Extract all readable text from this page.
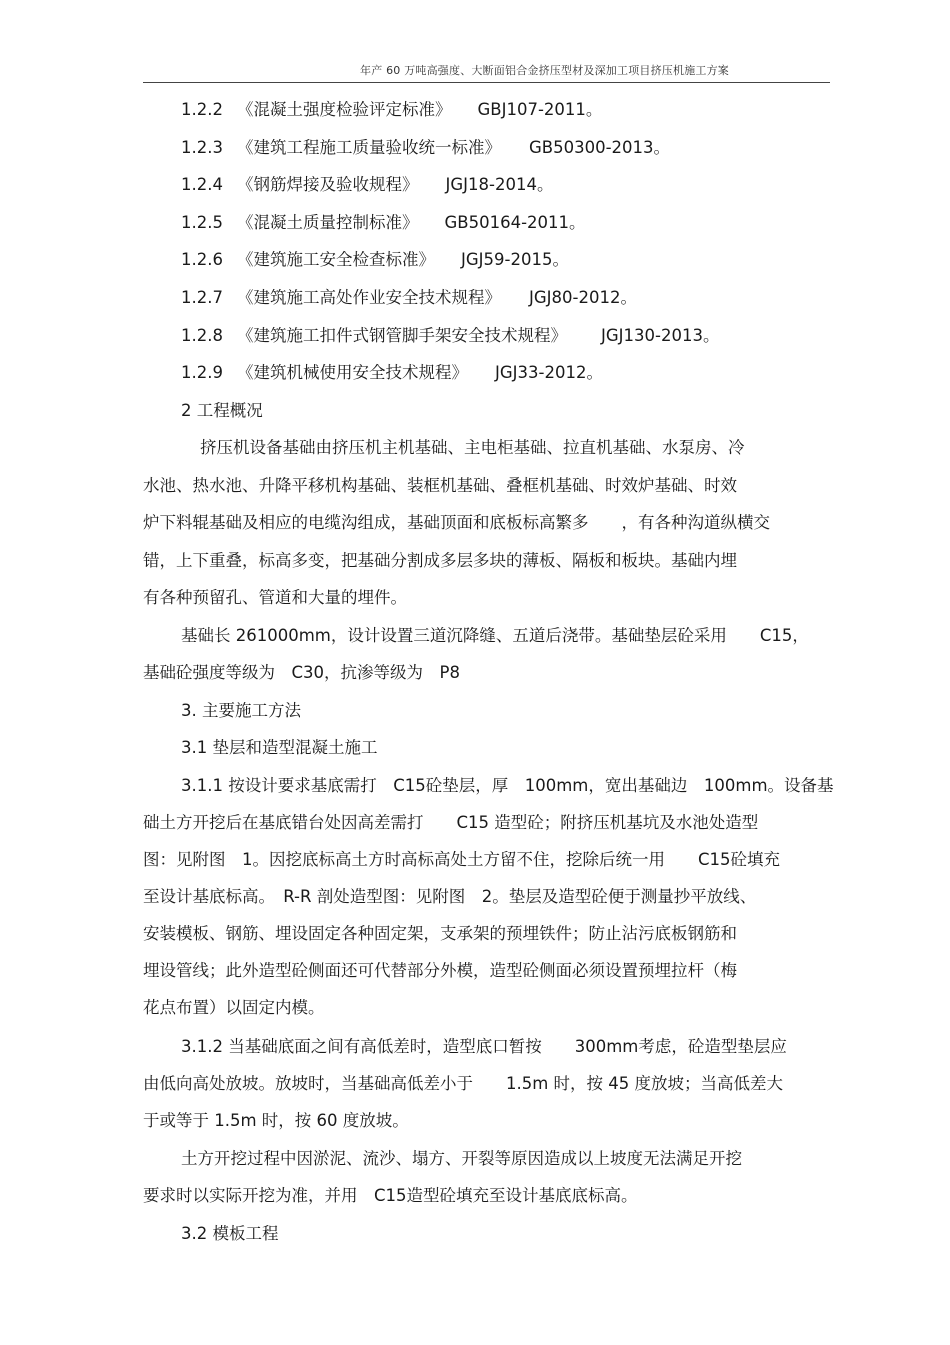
年产 60 万吨高强度、大断面铝合金挤压型材及深加工项目挤压机施工方案
1.2.2 《混凝土强度检验评定标准》 GBJ107-2011。
1.2.3 《建筑工程施工质量验收统一标准》 GB50300-2013。
1.2.4 《钢筋焊接及验收规程》 JGJ18-2014。
1.2.5 《混凝土质量控制标准》 GB50164-2011。
1.2.6 《建筑施工安全检查标准》 JGJ59-2015。
1.2.7 《建筑施工高处作业安全技术规程》 JGJ80-2012。
1.2.8 《建筑施工扣件式钢管脚手架安全技术规程》 JGJ130-2013。
1.2.9 《建筑机械使用安全技术规程》 JGJ33-2012。
2 工程概况
挤压机设备基础由挤压机主机基础、主电柜基础、拉直机基础、水泵房、冷
水池、热水池、升降平移机构基础、装框机基础、叠框机基础、时效炉基础、时效
炉下料辊基础及相应的电缆沟组成，基础顶面和底板标高繁多　　，有各种沟道纵横交
错，上下重叠，标高多变，把基础分割成多层多块的薄板、隔板和板块。基础内埋
有各种预留孔、管道和大量的埋件。
基础长 261000mm，设计设置三道沉降缝、五道后浇带。基础垫层砼采用　　C15，
基础砼强度等级为　C30，抗渗等级为　P8
3. 主要施工方法
3.1 垫层和造型混凝土施工
3.1.1 按设计要求基底需打　C15砼垫层，厚　100mm，宽出基础边　100mm。设备基
础土方开挖后在基底错台处因高差需打　　C15 造型砼；附挤压机基坑及水池处造型
图：见附图　1。因挖底标高土方时高标高处土方留不住，挖除后统一用　　C15砼填充
至设计基底标高。　R-R 剖处造型图：见附图　2。垫层及造型砼便于测量抄平放线、
安装模板、钢筋、埋设固定各种固定架，支承架的预埋铁件；防止沾污底板钢筋和
埋设管线；此外造型砼侧面还可代替部分外模，造型砼侧面必须设置预埋拉杆（梅
花点布置）以固定内模。
3.1.2 当基础底面之间有高低差时，造型底口暂按　　300mm考虑，砼造型垫层应
由低向高处放坡。放坡时，当基础高低差小于　　1.5m 时，按 45 度放坡；当高低差大
于或等于 1.5m 时，按 60 度放坡。
土方开挖过程中因淤泥、流沙、塌方、开裂等原因造成以上坡度无法满足开挖
要求时以实际开挖为准，并用　C15造型砼填充至设计基底底标高。
3.2 模板工程
